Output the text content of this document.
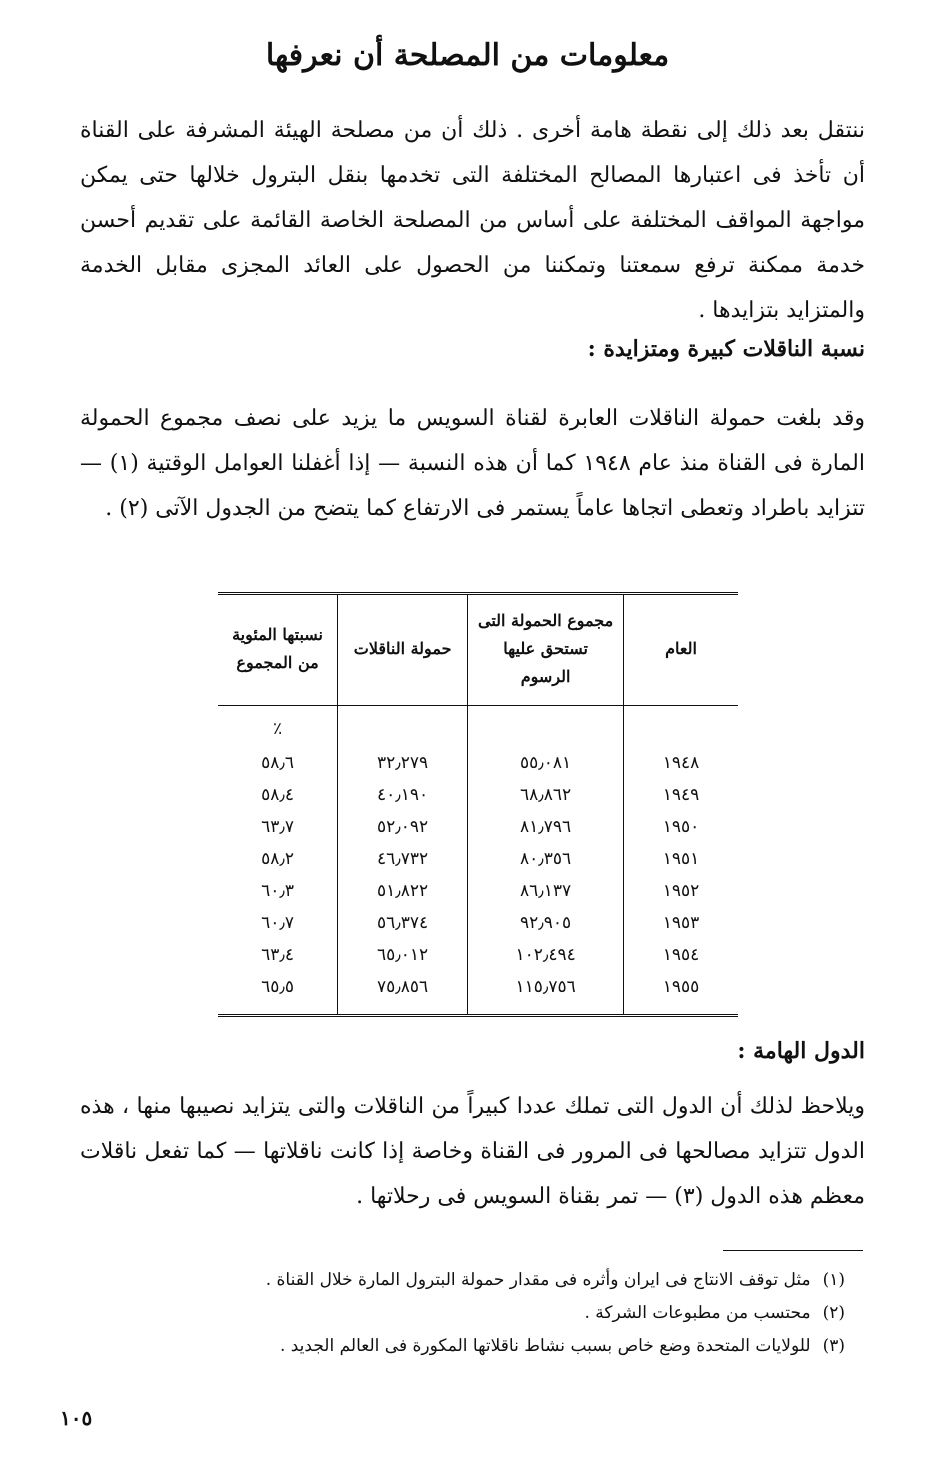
معلومات من المصلحة أن نعرفها
ننتقل بعد ذلك إلى نقطة هامة أخرى . ذلك أن من مصلحة الهيئة المشرفة على القناة أن تأخذ فى اعتبارها المصالح المختلفة التى تخدمها بنقل البترول خلالها حتى يمكن مواجهة المواقف المختلفة على أساس من المصلحة الخاصة القائمة على تقديم أحسن خدمة ممكنة ترفع سمعتنا وتمكننا من الحصول على العائد المجزى مقابل الخدمة والمتزايد بتزايدها .
نسبة الناقلات كبيرة ومتزايدة :
وقد بلغت حمولة الناقلات العابرة لقناة السويس ما يزيد على نصف مجموع الحمولة المارة فى القناة منذ عام ١٩٤٨ كما أن هذه النسبة — إذا أغفلنا العوامل الوقتية (١) — تتزايد باطراد وتعطى اتجاها عاماً يستمر فى الارتفاع كما يتضح من الجدول الآتى (٢) .
العام	مجموع الحمولة التى تستحق عليها الرسوم	حمولة الناقلات	نسبتها المئوية من المجموع
			٪
١٩٤٨	٥٥٫٠٨١	٣٢٫٢٧٩	٥٨٫٦
١٩٤٩	٦٨٫٨٦٢	٤٠٫١٩٠	٥٨٫٤
١٩٥٠	٨١٫٧٩٦	٥٢٫٠٩٢	٦٣٫٧
١٩٥١	٨٠٫٣٥٦	٤٦٫٧٣٢	٥٨٫٢
١٩٥٢	٨٦٫١٣٧	٥١٫٨٢٢	٦٠٫٣
١٩٥٣	٩٢٫٩٠٥	٥٦٫٣٧٤	٦٠٫٧
١٩٥٤	١٠٢٫٤٩٤	٦٥٫٠١٢	٦٣٫٤
١٩٥٥	١١٥٫٧٥٦	٧٥٫٨٥٦	٦٥٫٥
الدول الهامة :
ويلاحظ لذلك أن الدول التى تملك عددا كبيراً من الناقلات والتى يتزايد نصيبها منها ، هذه الدول تتزايد مصالحها فى المرور فى القناة وخاصة إذا كانت ناقلاتها — كما تفعل ناقلات معظم هذه الدول (٣) — تمر بقناة السويس فى رحلاتها .
(١)مثل توقف الانتاج فى ايران وأثره فى مقدار حمولة البترول المارة خلال القناة .
(٢)محتسب من مطبوعات الشركة .
(٣)للولايات المتحدة وضع خاص بسبب نشاط ناقلاتها المكورة فى العالم الجديد .
١٠٥
